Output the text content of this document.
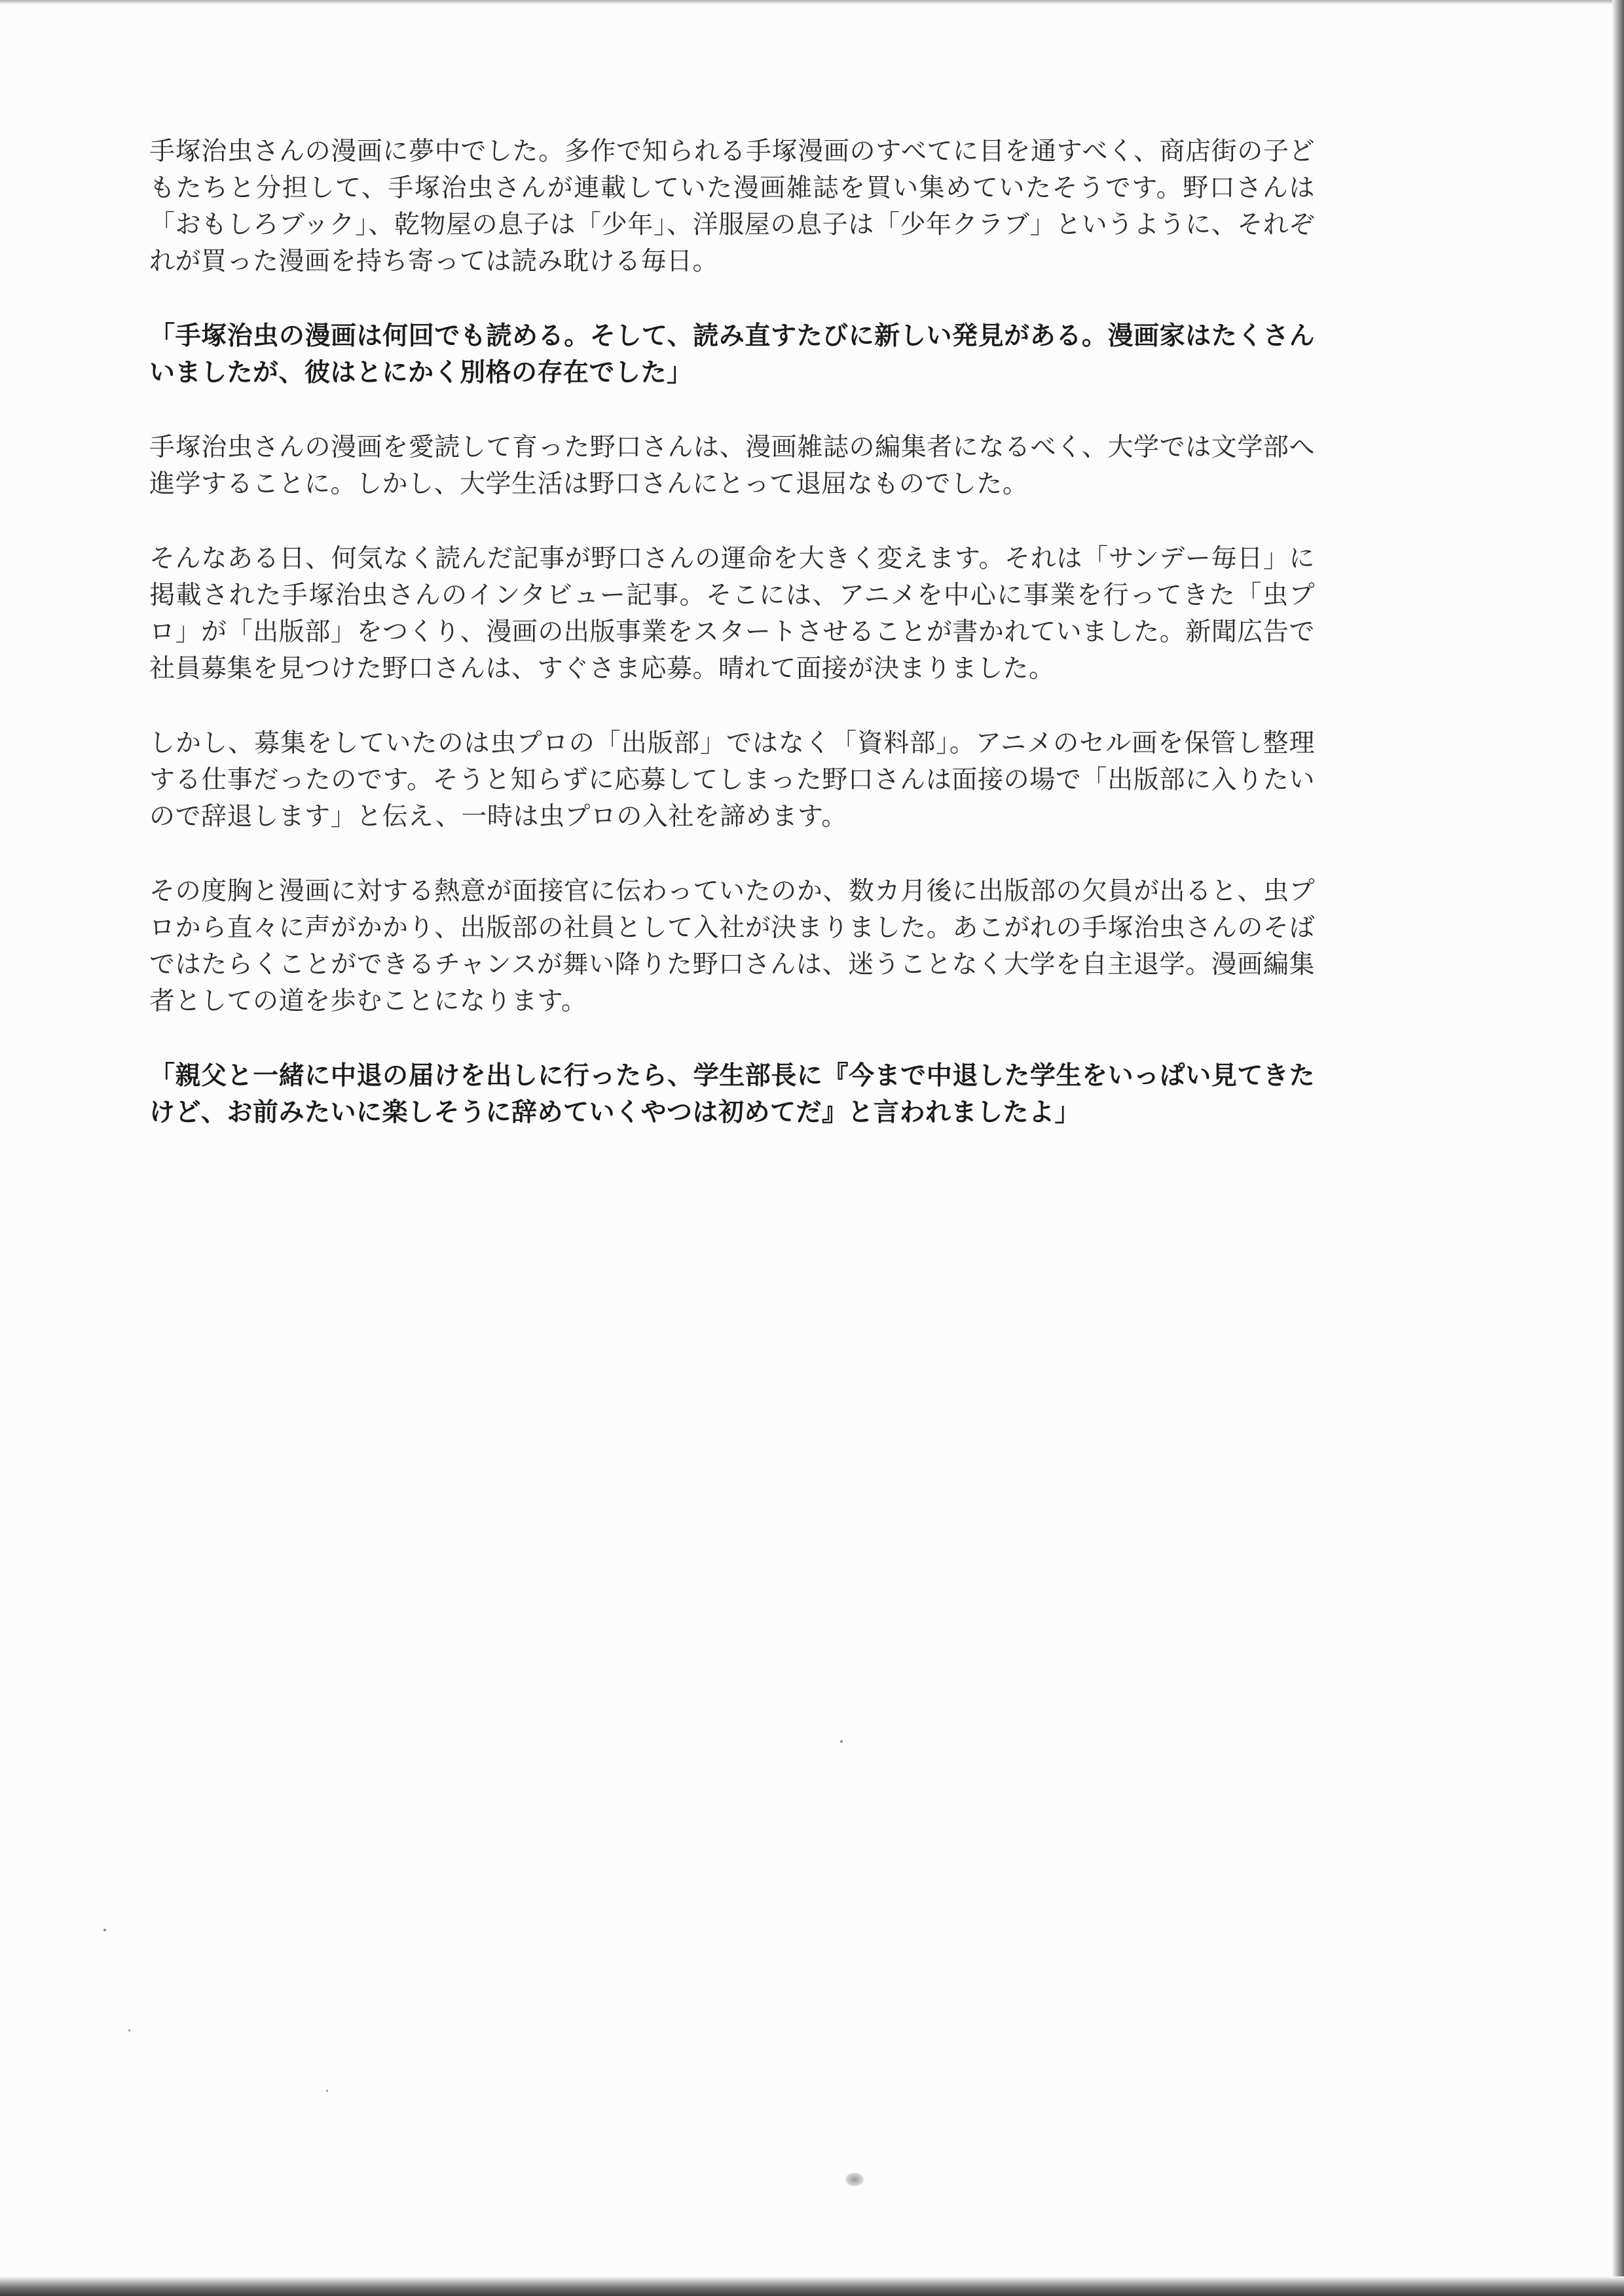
手塚治虫さんの漫画に夢中でした。多作で知られる手塚漫画のすべてに目を通すべく、商店街の子どもたちと分担して、手塚治虫さんが連載していた漫画雑誌を買い集めていたそうです。野口さんは「おもしろブック」、乾物屋の息子は「少年」、洋服屋の息子は「少年クラブ」というように、それぞれが買った漫画を持ち寄っては読み耽ける毎日。

「手塚治虫の漫画は何回でも読める。そして、読み直すたびに新しい発見がある。漫画家はたくさんいましたが、彼はとにかく別格の存在でした」

手塚治虫さんの漫画を愛読して育った野口さんは、漫画雑誌の編集者になるべく、大学では文学部へ進学することに。しかし、大学生活は野口さんにとって退屈なものでした。

そんなある日、何気なく読んだ記事が野口さんの運命を大きく変えます。それは「サンデー毎日」に掲載された手塚治虫さんのインタビュー記事。そこには、アニメを中心に事業を行ってきた「虫プロ」が「出版部」をつくり、漫画の出版事業をスタートさせることが書かれていました。新聞広告で社員募集を見つけた野口さんは、すぐさま応募。晴れて面接が決まりました。

しかし、募集をしていたのは虫プロの「出版部」ではなく「資料部」。アニメのセル画を保管し整理する仕事だったのです。そうと知らずに応募してしまった野口さんは面接の場で「出版部に入りたいので辞退します」と伝え、一時は虫プロの入社を諦めます。

その度胸と漫画に対する熱意が面接官に伝わっていたのか、数カ月後に出版部の欠員が出ると、虫プロから直々に声がかかり、出版部の社員として入社が決まりました。あこがれの手塚治虫さんのそばではたらくことができるチャンスが舞い降りた野口さんは、迷うことなく大学を自主退学。漫画編集者としての道を歩むことになります。

「親父と一緒に中退の届けを出しに行ったら、学生部長に『今まで中退した学生をいっぱい見てきたけど、お前みたいに楽しそうに辞めていくやつは初めてだ』と言われましたよ」
